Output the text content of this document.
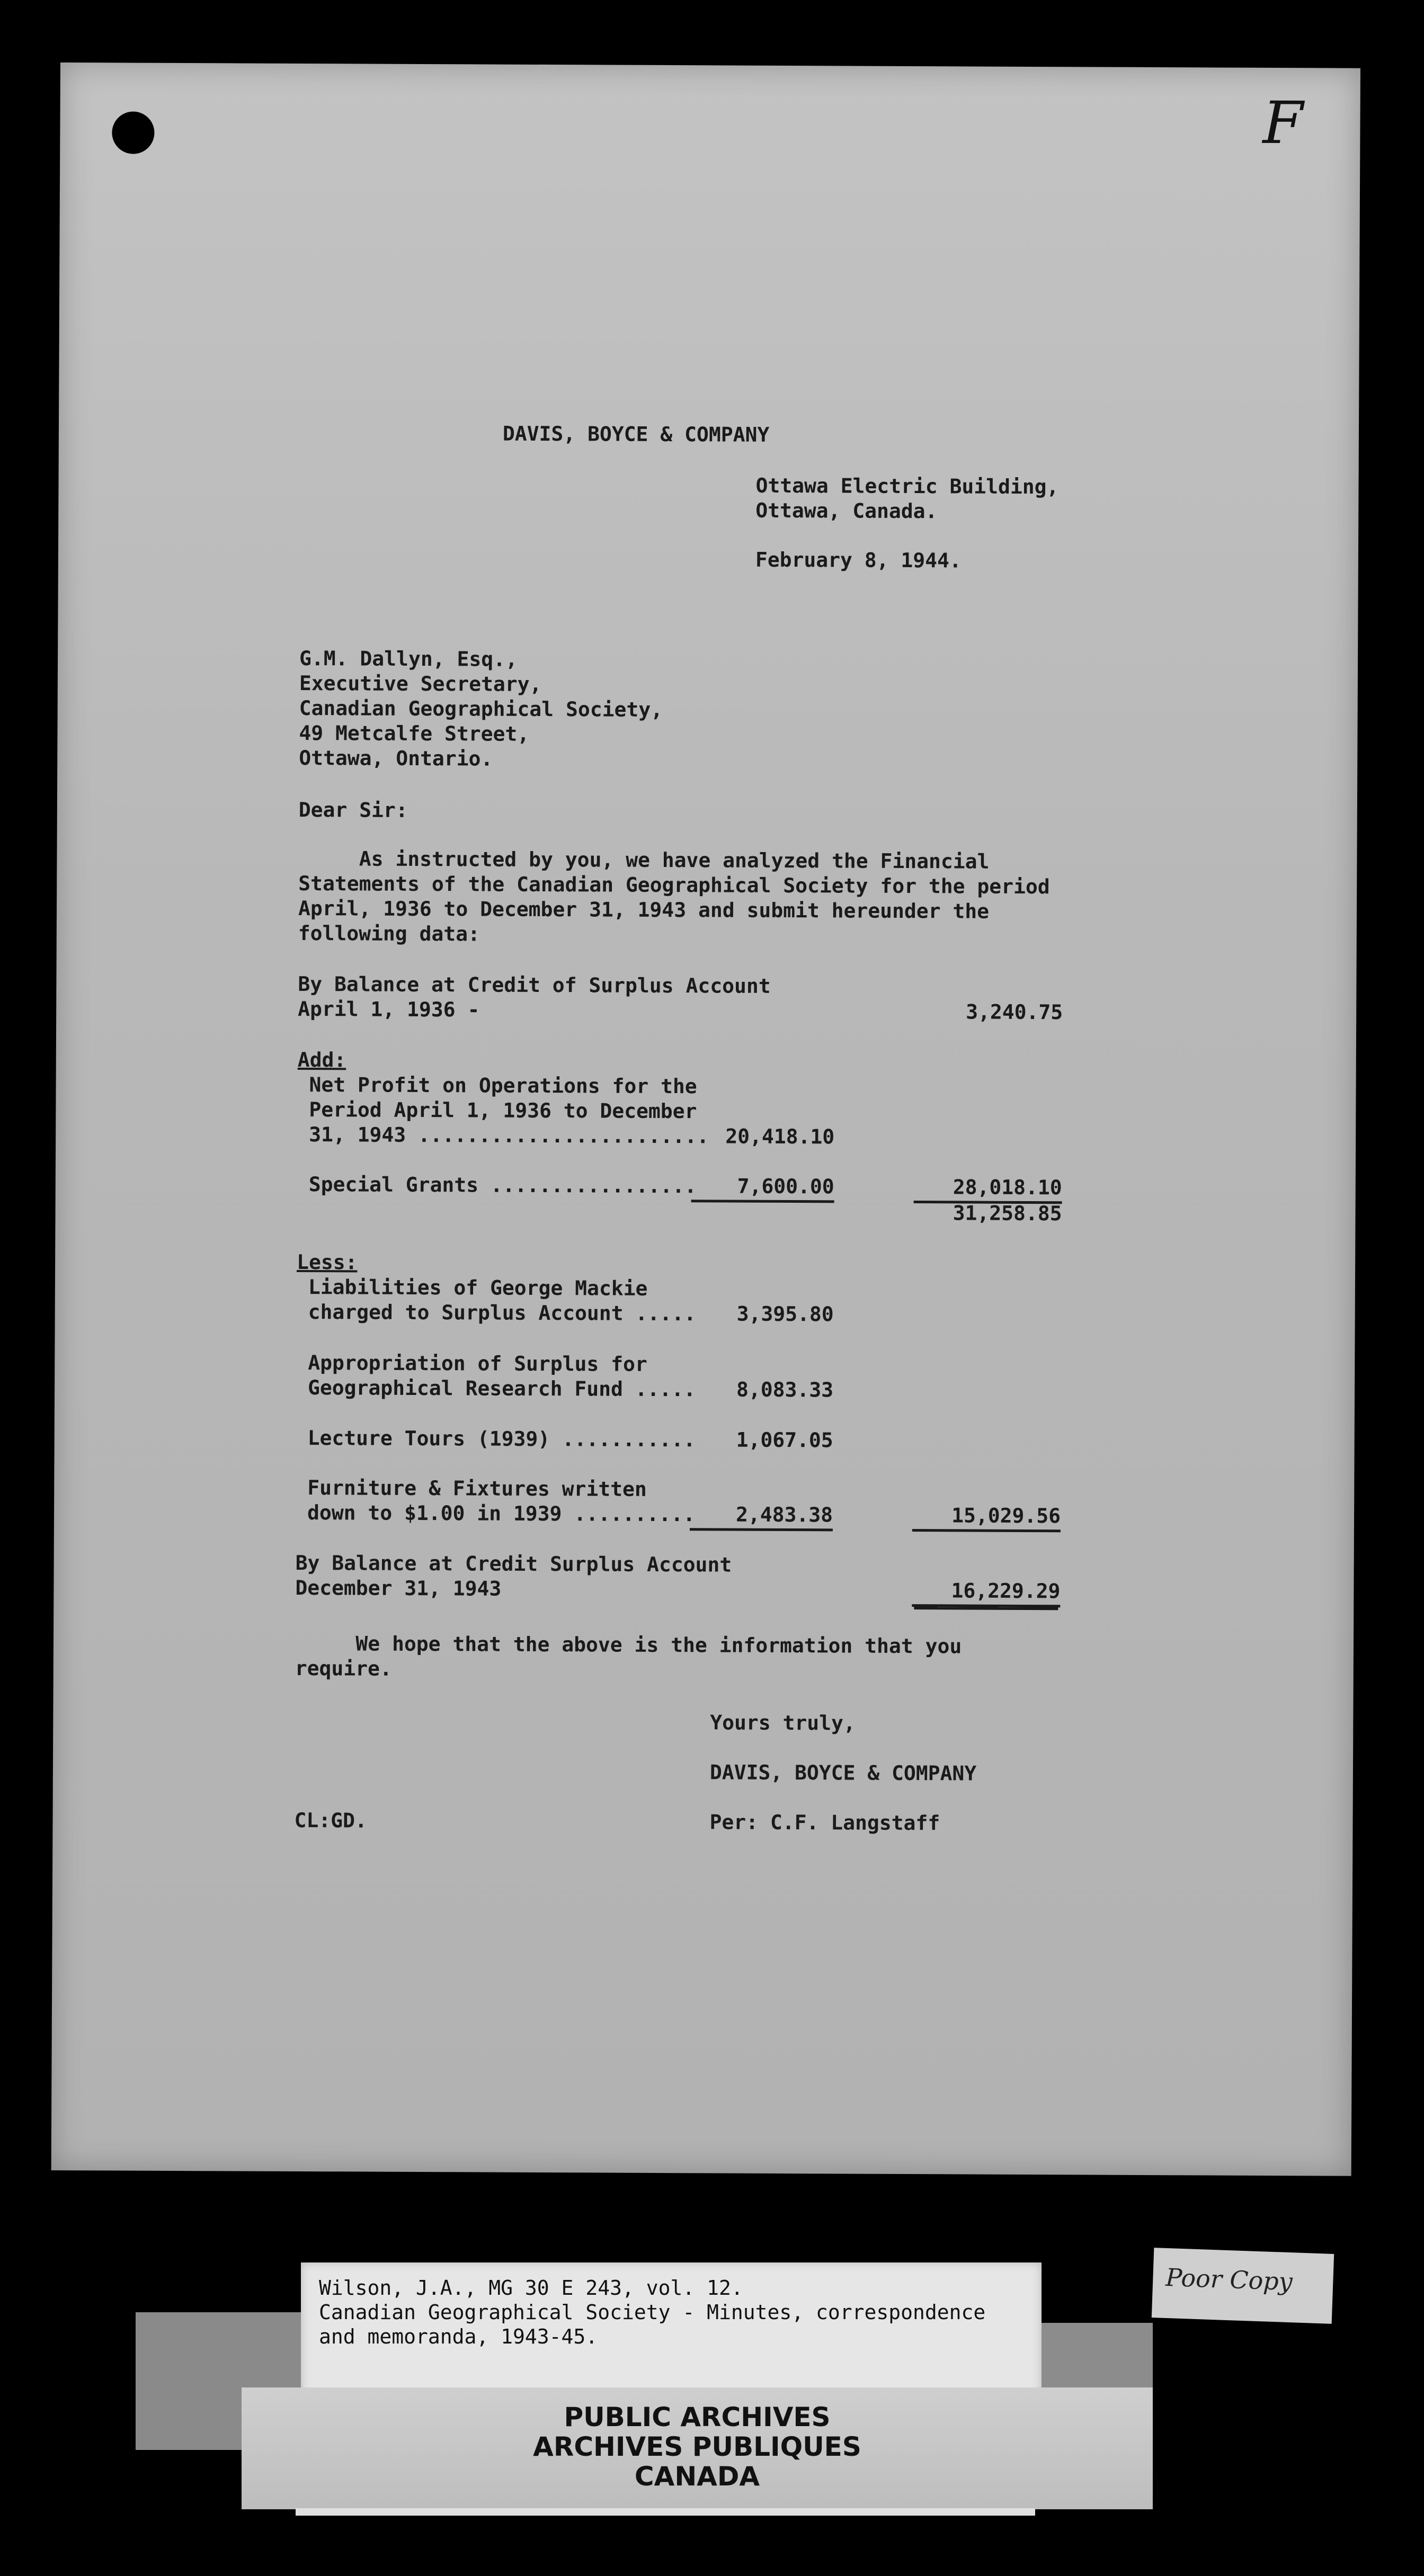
F
DAVIS, BOYCE & COMPANY
Ottawa Electric Building,
Ottawa, Canada.
February 8, 1944.
G.M. Dallyn, Esq.,
Executive Secretary,
Canadian Geographical Society,
49 Metcalfe Street,
Ottawa, Ontario.
Dear Sir:
As instructed by you, we have analyzed the Financial
Statements of the Canadian Geographical Society for the period
April, 1936 to December 31, 1943 and submit hereunder the
following data:
By Balance at Credit of Surplus Account
April 1, 1936 -	3,240.75
Add:
Net Profit on Operations for the
Period April 1, 1936 to December
31, 1943 ........................ 20,418.10
Special Grants .................	7,600.00	28,018.10
31,258.85
Less:
Liabilities of George Mackie
charged to Surplus Account .....	3,395.80
Appropriation of Surplus for
Geographical Research Fund .....	8,083.33
Lecture Tours (1939) ...........	1,067.05
Furniture & Fixtures written
down to $1.00 in 1939 ..........	2,483.38	15,029.56
By Balance at Credit Surplus Account
December 31, 1943	16,229.29
We hope that the above is the information that you
require.
Yours truly,
DAVIS, BOYCE & COMPANY
CL:GD.	Per: C.F. Langstaff
Wilson, J.A., MG 30 E 243, vol. 12.
Canadian Geographical Society - Minutes, correspondence
and memoranda, 1943-45.
Poor Copy
PUBLIC ARCHIVES
ARCHIVES PUBLIQUES
CANADA
